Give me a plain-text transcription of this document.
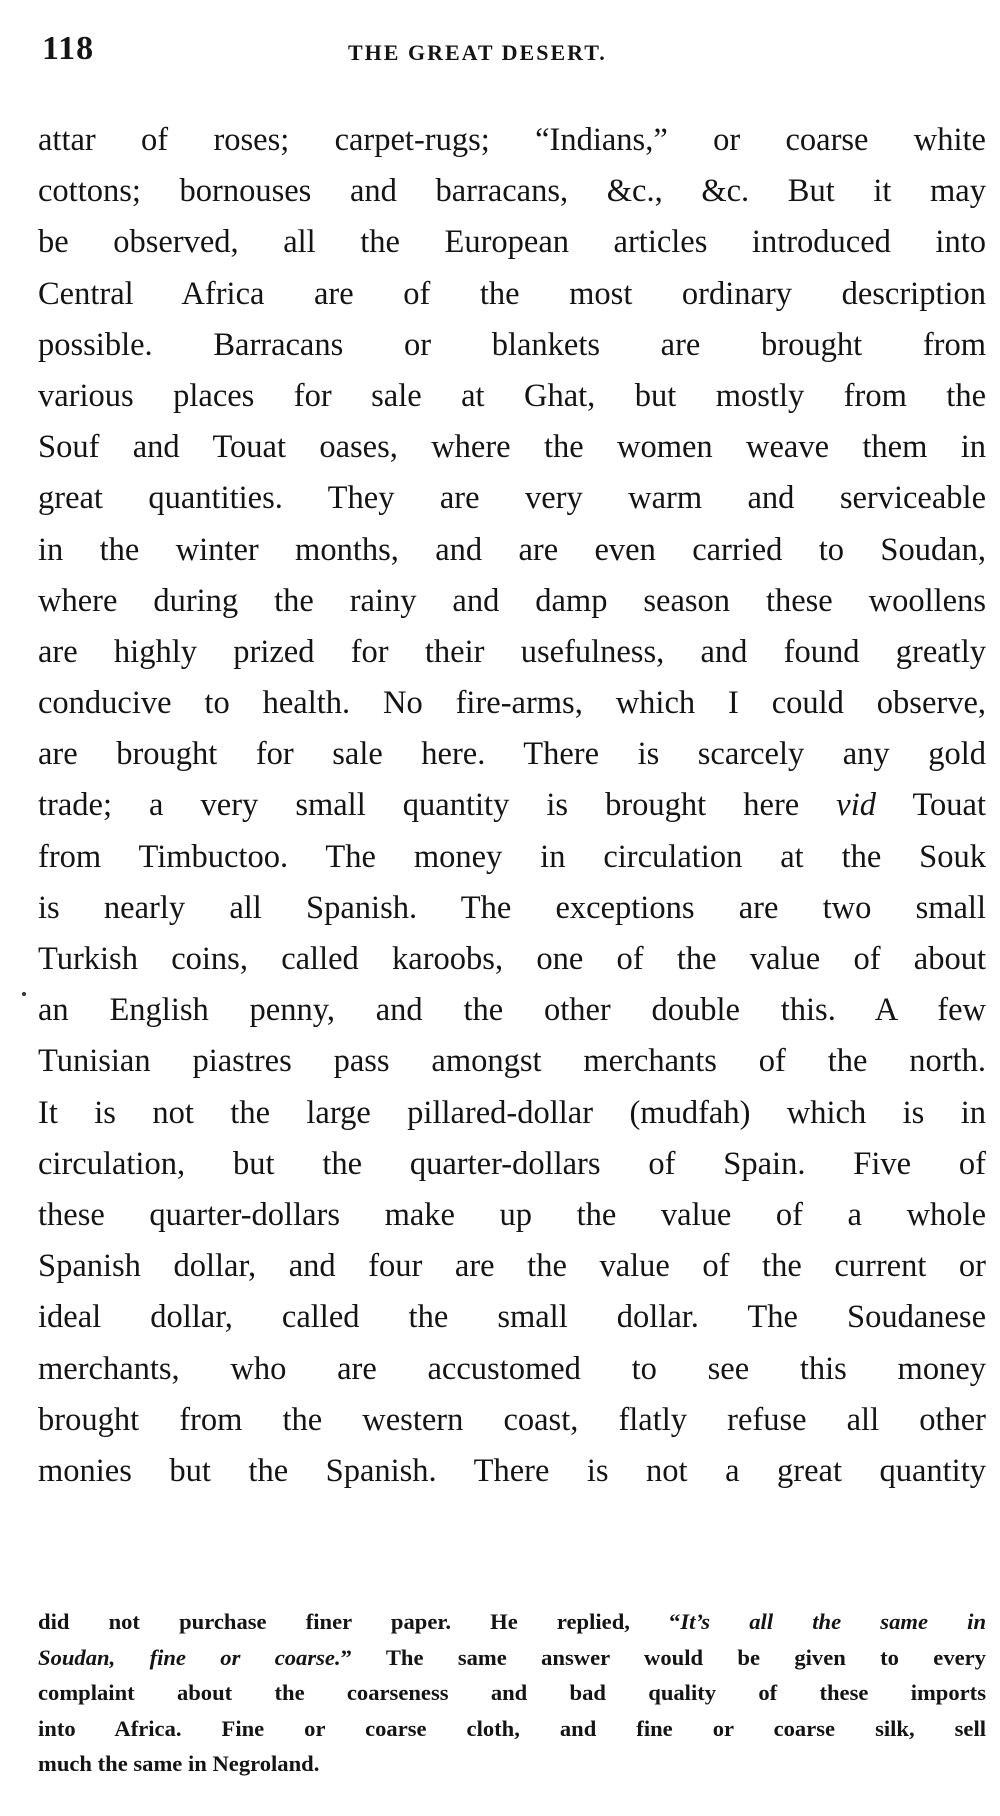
118	THE GREAT DESERT.
attar of roses; carpet-rugs; “Indians,” or coarse white
cottons; bornouses and barracans, &c., &c. But it may
be observed, all the European articles introduced into
Central Africa are of the most ordinary description
possible. Barracans or blankets are brought from
various places for sale at Ghat, but mostly from the
Souf and Touat oases, where the women weave them in
great quantities. They are very warm and serviceable
in the winter months, and are even carried to Soudan,
where during the rainy and damp season these woollens
are highly prized for their usefulness, and found greatly
conducive to health. No fire-arms, which I could observe,
are brought for sale here. There is scarcely any gold
trade; a very small quantity is brought here vid Touat
from Timbuctoo. The money in circulation at the Souk
is nearly all Spanish. The exceptions are two small
Turkish coins, called karoobs, one of the value of about
an English penny, and the other double this. A few
Tunisian piastres pass amongst merchants of the north.
It is not the large pillared-dollar (mudfah) which is in
circulation, but the quarter-dollars of Spain. Five of
these quarter-dollars make up the value of a whole
Spanish dollar, and four are the value of the current or
ideal dollar, called the small dollar. The Soudanese
merchants, who are accustomed to see this money
brought from the western coast, flatly refuse all other
monies but the Spanish. There is not a great quantity
did not purchase finer paper. He replied, “It’s all the same in
Soudan, fine or coarse.” The same answer would be given to every
complaint about the coarseness and bad quality of these imports
into Africa. Fine or coarse cloth, and fine or coarse silk, sell
much the same in Negroland.
